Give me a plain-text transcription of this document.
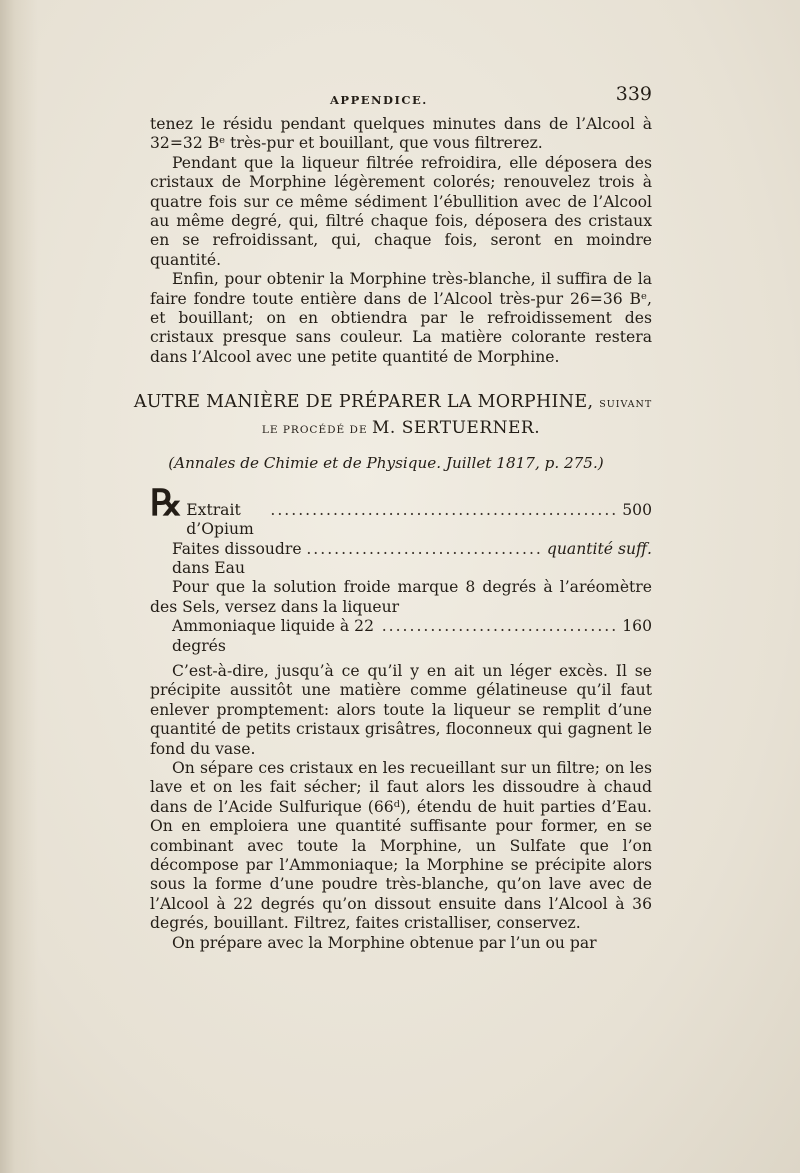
APPENDICE.	339

tenez le résidu pendant quelques minutes dans de l’Alcool à 32=32 Bᵉ très-pur et bouillant, que vous filtrerez.

Pendant que la liqueur filtrée refroidira, elle déposera des cristaux de Morphine légèrement colorés; renouvelez trois à quatre fois sur ce même sédiment l’ébullition avec de l’Alcool au même degré, qui, filtré chaque fois, déposera des cristaux en se refroidissant, qui, chaque fois, seront en moindre quantité.

Enfin, pour obtenir la Morphine très-blanche, il suffira de la faire fondre toute entière dans de l’Alcool très-pur 26=36 Bᵉ, et bouillant; on en obtiendra par le refroidissement des cristaux presque sans couleur. La matière colorante restera dans l’Alcool avec une petite quantité de Morphine.

AUTRE MANIÈRE DE PRÉPARER LA MORPHINE, SUIVANT
LE PROCÉDÉ DE M. SERTUERNER.
(Annales de Chimie et de Physique. Juillet 1817, p. 275.)
℞ Extrait d’Opium
.................................................. 500
Faites dissoudre dans Eau
.................................. quantité suff.

Pour que la solution froide marque 8 degrés à l’aréomètre des Sels, versez dans la liqueur

Ammoniaque liquide à 22 degrés
.................................. 160

C’est-à-dire, jusqu’à ce qu’il y en ait un léger excès. Il se précipite aussitôt une matière comme gélatineuse qu’il faut enlever promptement: alors toute la liqueur se remplit d’une quantité de petits cristaux grisâtres, floconneux qui gagnent le fond du vase.

On sépare ces cristaux en les recueillant sur un filtre; on les lave et on les fait sécher; il faut alors les dissoudre à chaud dans de l’Acide Sulfurique (66ᵈ), étendu de huit parties d’Eau. On en emploiera une quantité suffisante pour former, en se combinant avec toute la Morphine, un Sulfate que l’on décompose par l’Ammoniaque; la Morphine se précipite alors sous la forme d’une poudre très-blanche, qu’on lave avec de l’Alcool à 22 degrés qu’on dissout ensuite dans l’Alcool à 36 degrés, bouillant. Filtrez, faites cristalliser, conservez.

On prépare avec la Morphine obtenue par l’un ou par
